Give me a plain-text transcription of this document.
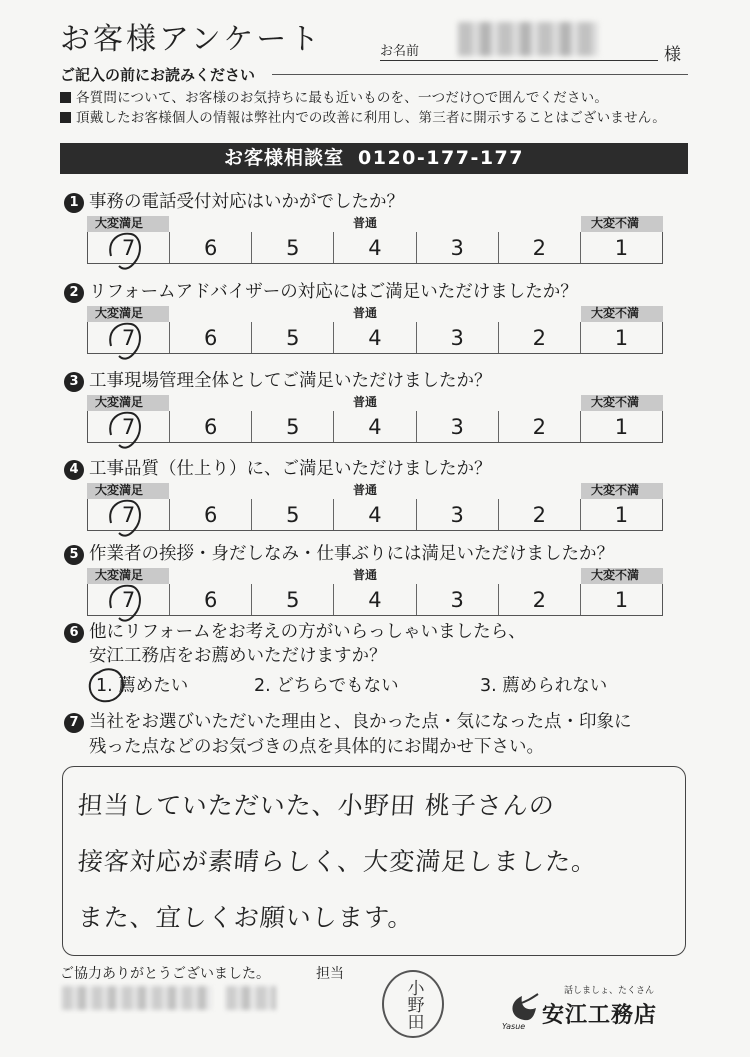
お客様アンケート	お名前	様
ご記入の前にお読みください
各質問について、お客様のお気持ちに最も近いものを、一つだけ○で囲んでください。
頂戴したお客様個人の情報は弊社内での改善に利用し、第三者に開示することはございません。
お客様相談室 0120-177-177
1 事務の電話受付対応はいかがでしたか？
大変満足	普通	大変不満
7	6	5	4	3	2	1
2 リフォームアドバイザーの対応にはご満足いただけましたか？
大変満足	普通	大変不満
7	6	5	4	3	2	1
3 工事現場管理全体としてご満足いただけましたか？
大変満足	普通	大変不満
7	6	5	4	3	2	1
4 工事品質（仕上り）に、ご満足いただけましたか？
大変満足	普通	大変不満
7	6	5	4	3	2	1
5 作業者の挨拶・身だしなみ・仕事ぶりには満足いただけましたか？
大変満足	普通	大変不満
7	6	5	4	3	2	1
6 他にリフォームをお考えの方がいらっしゃいましたら、
安江工務店をお薦めいただけますか？
1. 薦めたい	2. どちらでもない	3. 薦められない
7 当社をお選びいただいた理由と、良かった点・気になった点・印象に
残った点などのお気づきの点を具体的にお聞かせ下さい。
担当していただいた、小野田 桃子さんの
接客対応が素晴らしく、大変満足しました。
また、宜しくお願いします。
ご協力ありがとうございました。	担当
小野田	話しましょ、たくさん
安江工務店
Yasue
